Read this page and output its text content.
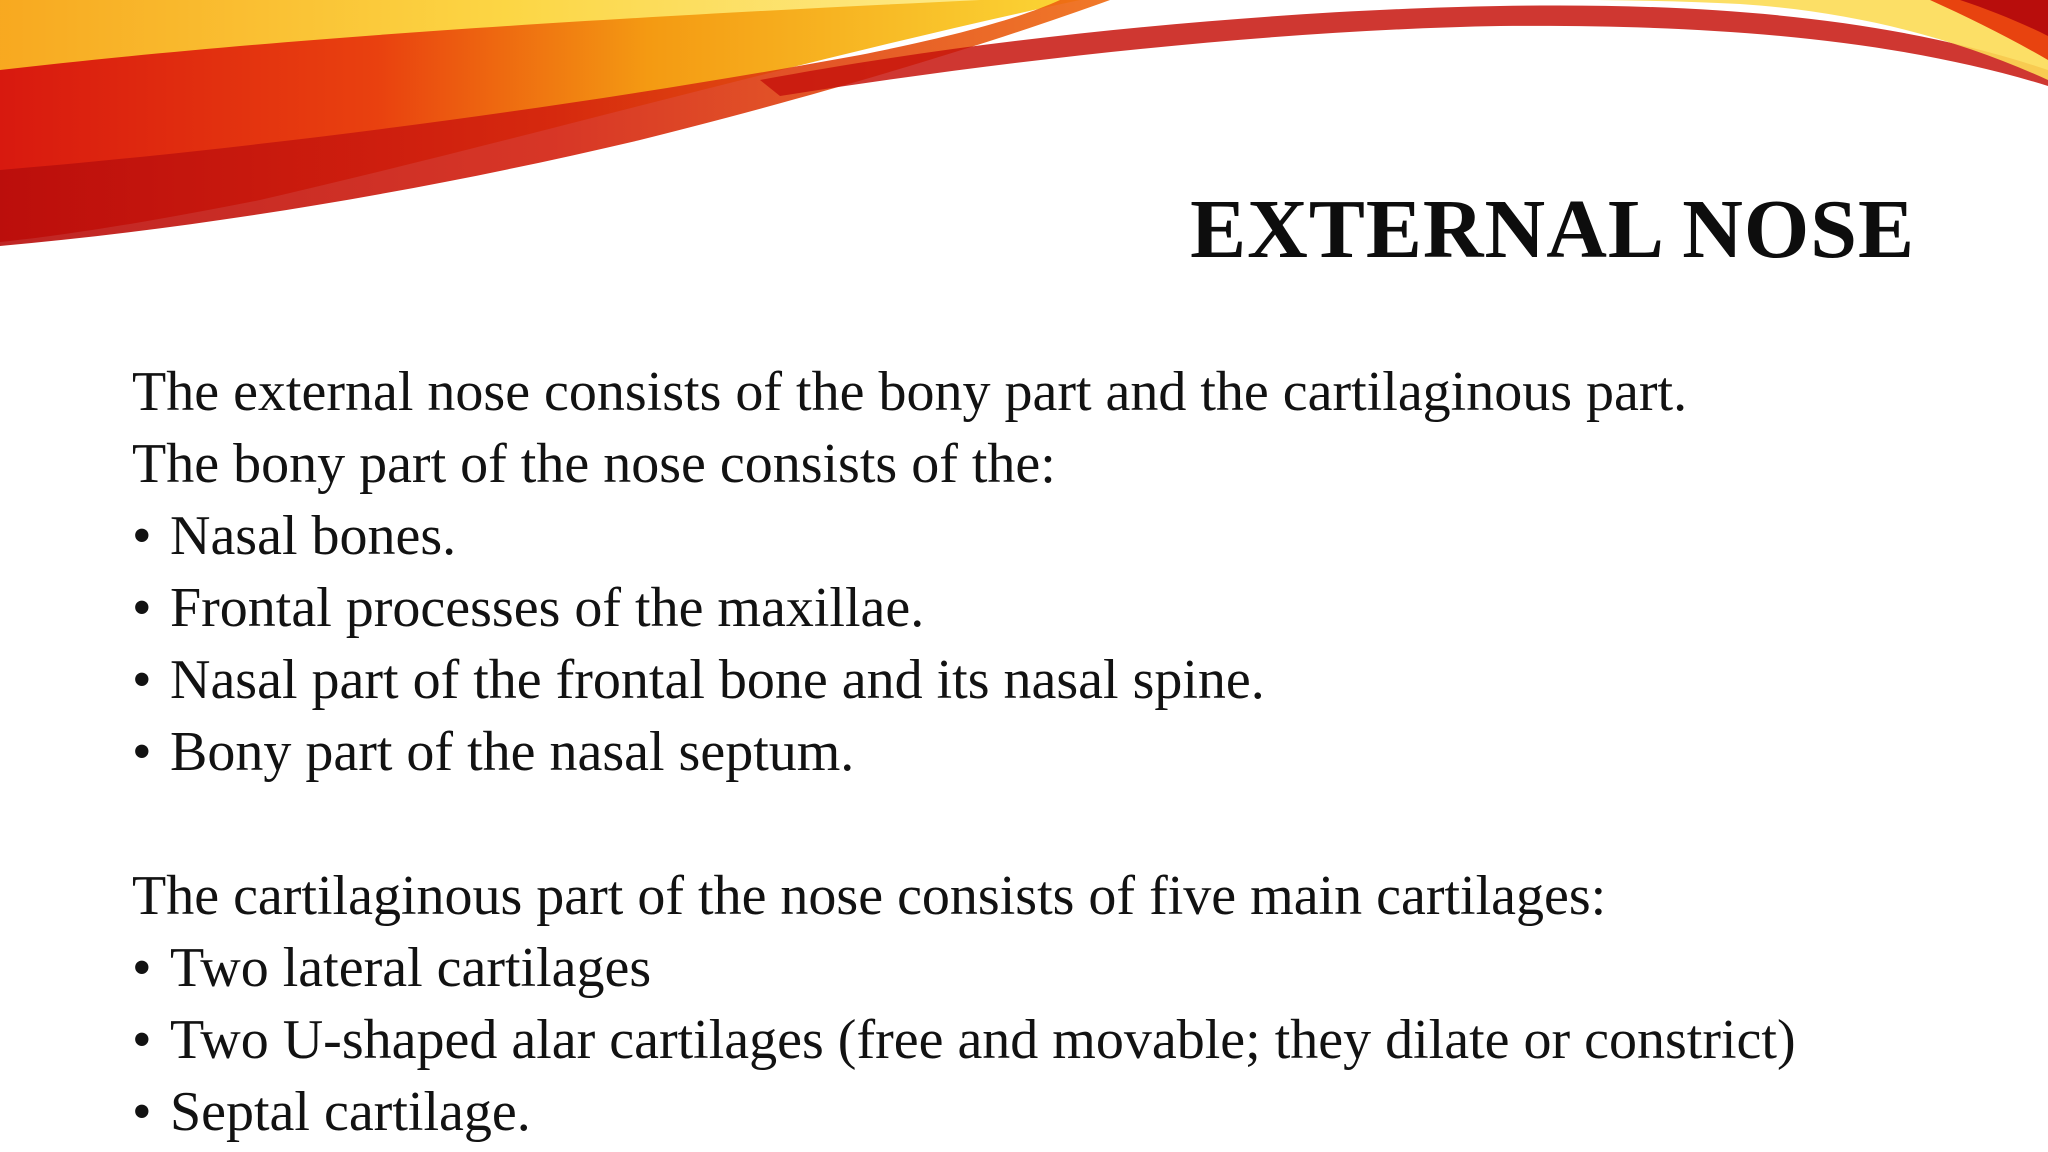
EXTERNAL NOSE

The external nose consists of the bony part and the cartilaginous part.

The bony part of the nose consists of the:

• Nasal bones.
• Frontal processes of the maxillae.
• Nasal part of the frontal bone and its nasal spine.
• Bony part of the nasal septum.

The cartilaginous part of the nose consists of five main cartilages:

• Two lateral cartilages
• Two U-shaped alar cartilages (free and movable; they dilate or constrict)
• Septal cartilage.
